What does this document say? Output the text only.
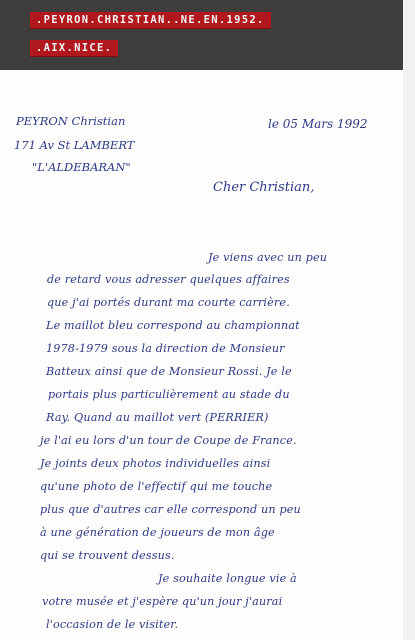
.PEYRON.CHRISTIAN..NE.EN.1952.
.AIX.NICE.
PEYRON Christian
171 Av St LAMBERT
"L'ALDEBARAN"
le 05 Mars 1992
Cher Christian,
Je viens avec un peu
de retard vous adresser quelques affaires
que j'ai portés durant ma courte carrière.
Le maillot bleu correspond au championnat
1978-1979 sous la direction de Monsieur
Batteux ainsi que de Monsieur Rossi. Je le
portais plus particulièrement au stade du
Ray. Quand au maillot vert (PERRIER)
je l'ai eu lors d'un tour de Coupe de France.
Je joints deux photos individuelles ainsi
qu'une photo de l'effectif qui me touche
plus que d'autres car elle correspond un peu
à une génération de joueurs de mon âge
qui se trouvent dessus.
Je souhaite longue vie à
votre musée et j'espère qu'un jour j'aurai
l'occasion de le visiter.
